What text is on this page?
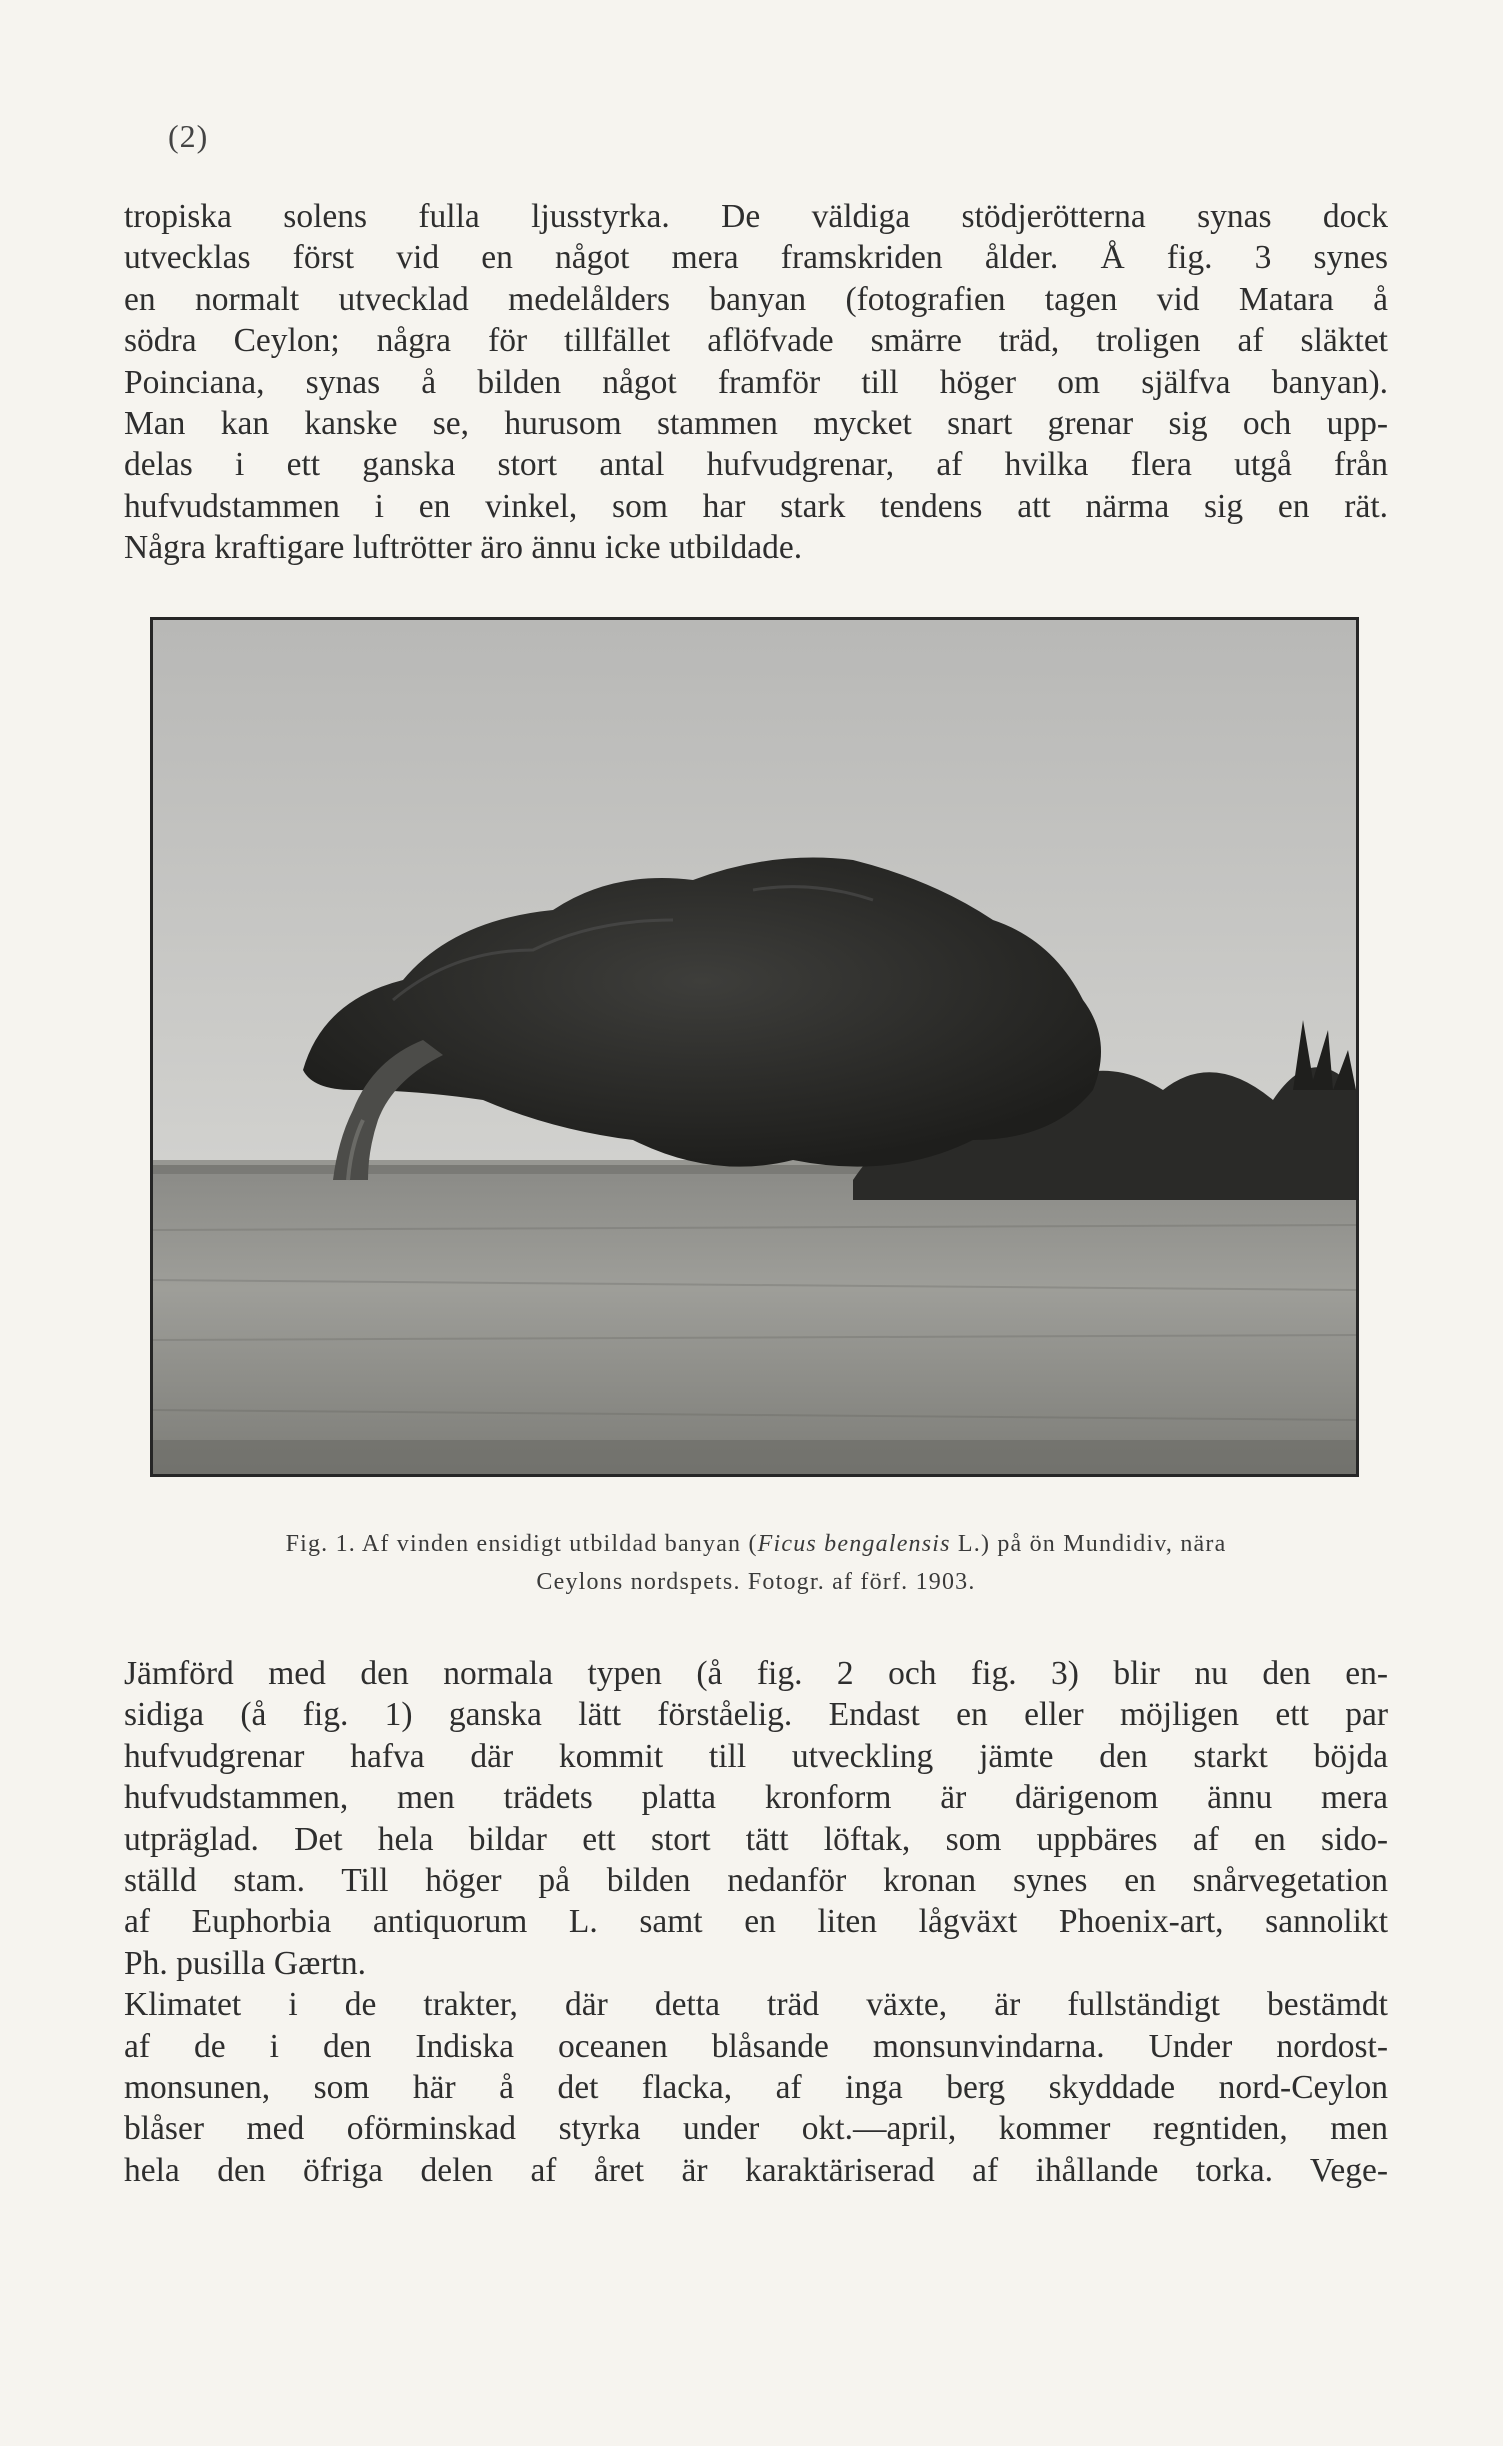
(2)
tropiska solens fulla ljusstyrka. De väldiga stödjerötterna synas dock
utvecklas först vid en något mera framskriden ålder. Å fig. 3 synes
en normalt utvecklad medelålders banyan (fotografien tagen vid Matara å
södra Ceylon; några för tillfället aflöfvade smärre träd, troligen af släktet
Poinciana, synas å bilden något framför till höger om själfva banyan).
Man kan kanske se, hurusom stammen mycket snart grenar sig och upp-
delas i ett ganska stort antal hufvudgrenar, af hvilka flera utgå från
hufvudstammen i en vinkel, som har stark tendens att närma sig en rät.
Några kraftigare luftrötter äro ännu icke utbildade.
Fig. 1. Af vinden ensidigt utbildad banyan (Ficus bengalensis L.) på ön Mundidiv, nära
Ceylons nordspets. Fotogr. af förf. 1903.
Jämförd med den normala typen (å fig. 2 och fig. 3) blir nu den en-
sidiga (å fig. 1) ganska lätt förståelig. Endast en eller möjligen ett par
hufvudgrenar hafva där kommit till utveckling jämte den starkt böjda
hufvudstammen, men trädets platta kronform är därigenom ännu mera
utpräglad. Det hela bildar ett stort tätt löftak, som uppbäres af en sido-
ställd stam. Till höger på bilden nedanför kronan synes en snårvegetation
af Euphorbia antiquorum L. samt en liten lågväxt Phoenix-art, sannolikt
Ph. pusilla Gærtn.
Klimatet i de trakter, där detta träd växte, är fullständigt bestämdt
af de i den Indiska oceanen blåsande monsunvindarna. Under nordost-
monsunen, som här å det flacka, af inga berg skyddade nord-Ceylon
blåser med oförminskad styrka under okt.—april, kommer regntiden, men
hela den öfriga delen af året är karaktäriserad af ihållande torka. Vege-
